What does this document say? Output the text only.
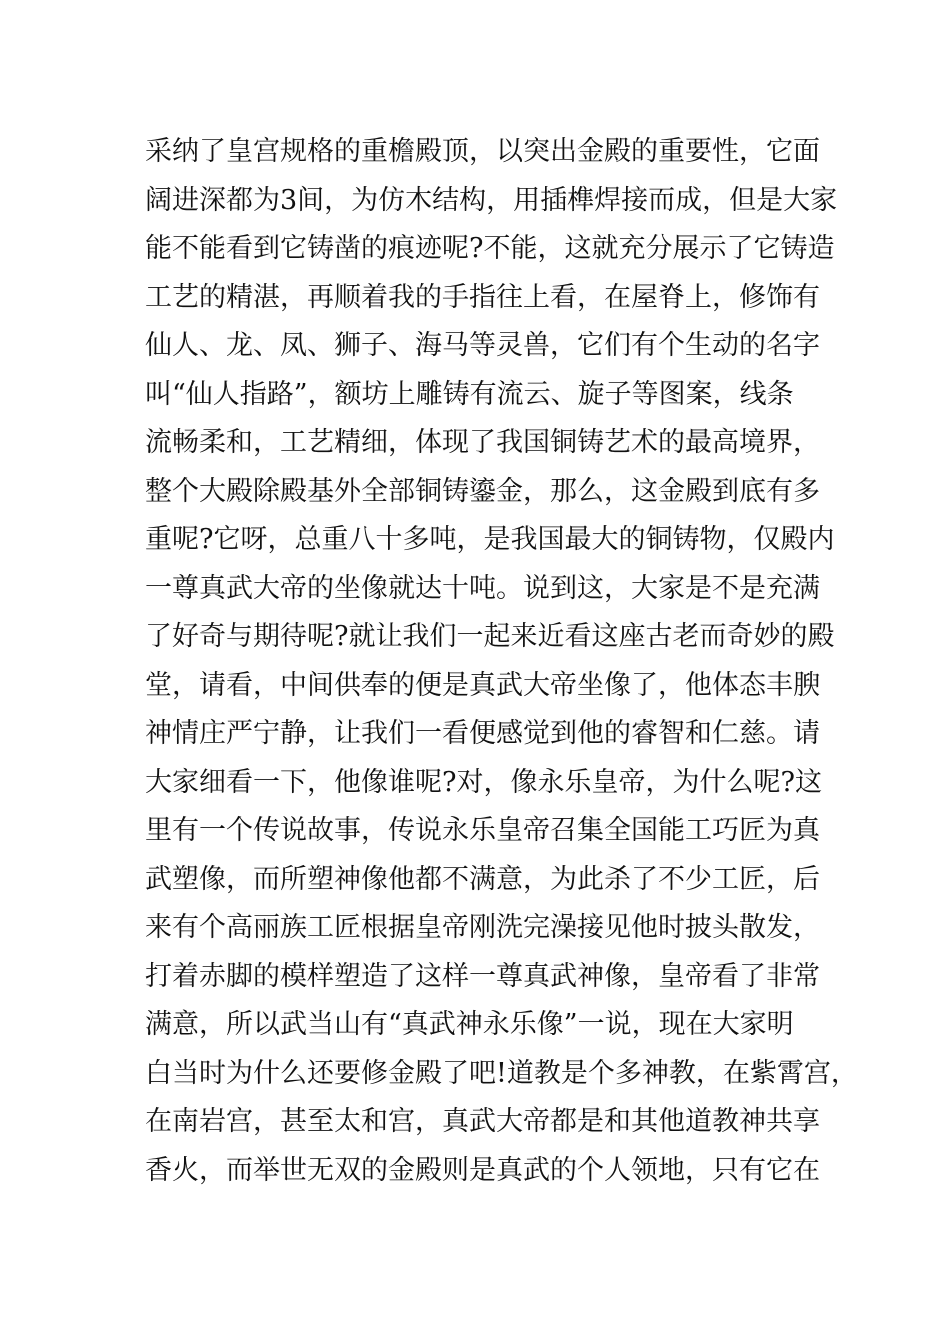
采纳了皇宫规格的重檐殿顶，以突出金殿的重要性，它面
阔进深都为3间，为仿木结构，用插榫焊接而成，但是大家
能不能看到它铸凿的痕迹呢?不能，这就充分展示了它铸造
工艺的精湛，再顺着我的手指往上看，在屋脊上，修饰有
仙人、龙、凤、狮子、海马等灵兽，它们有个生动的名字
叫“仙人指路”，额坊上雕铸有流云、旋子等图案，线条
流畅柔和，工艺精细，体现了我国铜铸艺术的最高境界，
整个大殿除殿基外全部铜铸鎏金，那么，这金殿到底有多
重呢?它呀，总重八十多吨，是我国最大的铜铸物，仅殿内
一尊真武大帝的坐像就达十吨。说到这，大家是不是充满
了好奇与期待呢?就让我们一起来近看这座古老而奇妙的殿
堂，请看，中间供奉的便是真武大帝坐像了，他体态丰腴
神情庄严宁静，让我们一看便感觉到他的睿智和仁慈。请
大家细看一下，他像谁呢?对，像永乐皇帝，为什么呢?这
里有一个传说故事，传说永乐皇帝召集全国能工巧匠为真
武塑像，而所塑神像他都不满意，为此杀了不少工匠，后
来有个高丽族工匠根据皇帝刚洗完澡接见他时披头散发，
打着赤脚的模样塑造了这样一尊真武神像，皇帝看了非常
满意，所以武当山有“真武神永乐像”一说，现在大家明
白当时为什么还要修金殿了吧!道教是个多神教，在紫霄宫，
在南岩宫，甚至太和宫，真武大帝都是和其他道教神共享
香火，而举世无双的金殿则是真武的个人领地，只有它在
